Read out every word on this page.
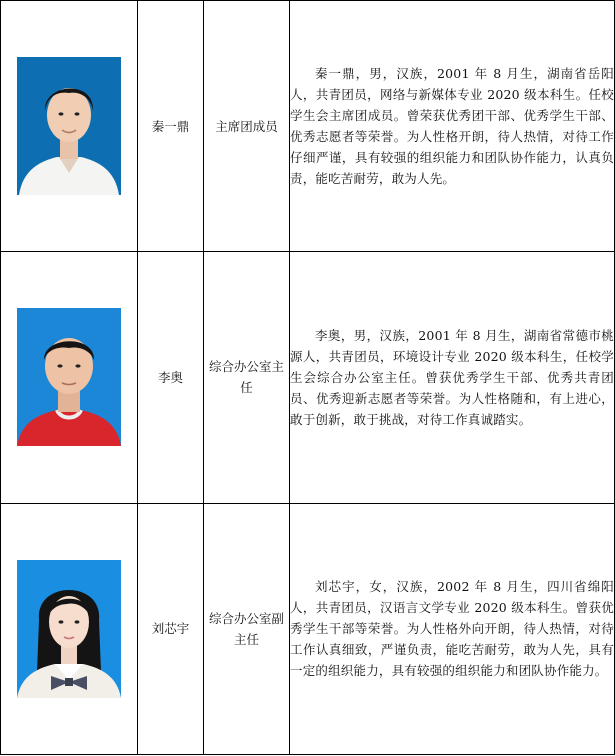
	秦一鼎	主席团成员	秦一鼎，男，汉族，2001 年 8 月生，湖南省岳阳人，共青团员，网络与新媒体专业 2020 级本科生。任校学生会主席团成员。曾荣获优秀团干部、优秀学生干部、优秀志愿者等荣誉。为人性格开朗，待人热情，对待工作仔细严谨，具有较强的组织能力和团队协作能力，认真负责，能吃苦耐劳，敢为人先。

	李奥	综合办公室主任	李奥，男，汉族，2001 年 8 月生，湖南省常德市桃源人，共青团员，环境设计专业 2020 级本科生，任校学生会综合办公室主任。曾获优秀学生干部、优秀共青团员、优秀迎新志愿者等荣誉。为人性格随和，有上进心，敢于创新，敢于挑战，对待工作真诚踏实。

	刘芯宇	综合办公室副主任	刘芯宇，女，汉族，2002 年 8 月生，四川省绵阳人，共青团员，汉语言文学专业 2020 级本科生。曾获优秀学生干部等荣誉。为人性格外向开朗，待人热情，对待工作认真细致，严谨负责，能吃苦耐劳，敢为人先，具有一定的组织能力，具有较强的组织能力和团队协作能力。
